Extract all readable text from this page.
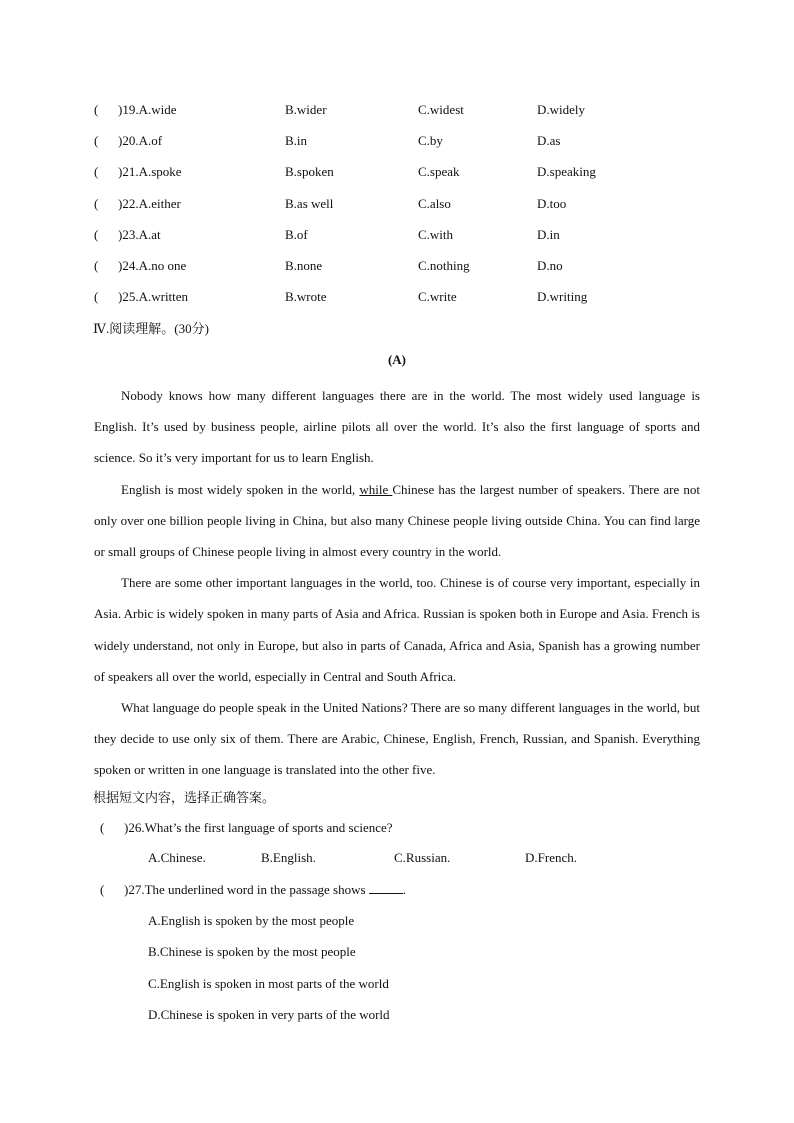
( )19.A.wide	B.wider	C.widest	D.widely
( )20.A.of	B.in	C.by	D.as
( )21.A.spoke	B.spoken	C.speak	D.speaking
( )22.A.either	B.as well	C.also	D.too
( )23.A.at	B.of	C.with	D.in
( )24.A.no one	B.none	C.nothing	D.no
( )25.A.written	B.wrote	C.write	D.writing
Ⅳ.阅读理解。(30分)
(A)

Nobody knows how many different languages there are in the world. The most widely used language is English. It’s used by business people, airline pilots all over the world. It’s also the first language of sports and science. So it’s very important for us to learn English.

English is most widely spoken in the world, while Chinese has the largest number of speakers. There are not only over one billion people living in China, but also many Chinese people living outside China. You can find large or small groups of Chinese people living in almost every country in the world.

There are some other important languages in the world, too. Chinese is of course very important, especially in Asia. Arbic is widely spoken in many parts of Asia and Africa. Russian is spoken both in Europe and Asia. French is widely understand, not only in Europe, but also in parts of Canada, Africa and Asia, Spanish has a growing number of speakers all over the world, especially in Central and South Africa.

What language do people speak in the United Nations? There are so many different languages in the world, but they decide to use only six of them. There are Arabic, Chinese, English, French, Russian, and Spanish. Everything spoken or written in one language is translated into the other five.

根据短文内容，选择正确答案。
( )26.What’s the first language of sports and science?
A.Chinese.	B.English.	C.Russian.	D.French.
( )27.The underlined word in the passage shows	.
A.English is spoken by the most people
B.Chinese is spoken by the most people
C.English is spoken in most parts of the world
D.Chinese is spoken in very parts of the world
